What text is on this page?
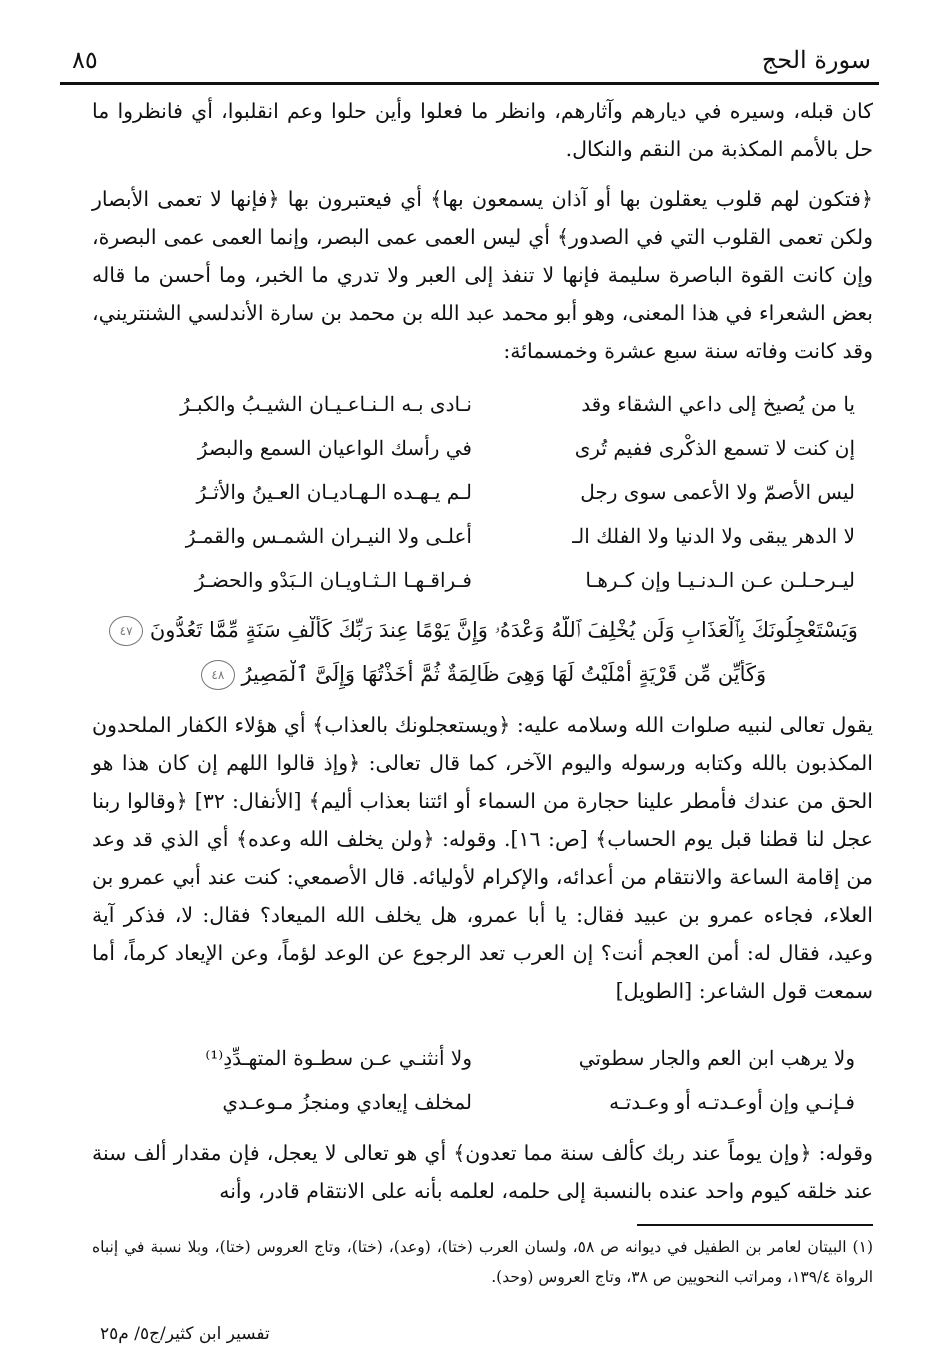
سورة الحج
٨٥

كان قبله، وسيره في ديارهم وآثارهم، وانظر ما فعلوا وأين حلوا وعم انقلبوا، أي فانظروا ما حل بالأمم المكذبة من النقم والنكال.

﴿فتكون لهم قلوب يعقلون بها أو آذان يسمعون بها﴾ أي فيعتبرون بها ﴿فإنها لا تعمى الأبصار ولكن تعمى القلوب التي في الصدور﴾ أي ليس العمى عمى البصر، وإنما العمى عمى البصرة، وإن كانت القوة الباصرة سليمة فإنها لا تنفذ إلى العبر ولا تدري ما الخبر، وما أحسن ما قاله بعض الشعراء في هذا المعنى، وهو أبو محمد عبد الله بن محمد بن سارة الأندلسي الشنتريني، وقد كانت وفاته سنة سبع عشرة وخمسمائة:

يا من يُصيخ إلى داعي الشقاء وقد
نـادى بـه الـنـاعـيـان الشيـبُ والكبـرُ
إن كنت لا تسمع الذكْرى ففيم تُرى
في رأسك الواعيان السمع والبصرُ
ليس الأصمّ ولا الأعمى سوى رجل
لـم يـهـده الـهـاديـان العـينُ والأثـرُ
لا الدهر يبقى ولا الدنيا ولا الفلك الـ
أعلـى ولا النيـران الشمـس والقمـرُ
ليـرحـلـن عـن الـدنـيـا وإن كـرهـا
فـراقـهـا الـثـاويـان الـبَدْو والحضـرُ
وَيَسْتَعْجِلُونَكَ بِٱلْعَذَابِ وَلَن يُخْلِفَ ٱللَّهُ وَعْدَهُۥ وَإِنَّ يَوْمًا عِندَ رَبِّكَ كَأَلْفِ سَنَةٍ مِّمَّا تَعُدُّونَ ٤٧
وَكَأَيِّن مِّن قَرْيَةٍ أَمْلَيْتُ لَهَا وَهِىَ ظَالِمَةٌ ثُمَّ أَخَذْتُهَا وَإِلَىَّ ٱلْمَصِيرُ ٤٨

يقول تعالى لنبيه صلوات الله وسلامه عليه: ﴿ويستعجلونك بالعذاب﴾ أي هؤلاء الكفار الملحدون المكذبون بالله وكتابه ورسوله واليوم الآخر، كما قال تعالى: ﴿وإذ قالوا اللهم إن كان هذا هو الحق من عندك فأمطر علينا حجارة من السماء أو ائتنا بعذاب أليم﴾ [الأنفال: ٣٢] ﴿وقالوا ربنا عجل لنا قطنا قبل يوم الحساب﴾ [ص: ١٦]. وقوله: ﴿ولن يخلف الله وعده﴾ أي الذي قد وعد من إقامة الساعة والانتقام من أعدائه، والإكرام لأوليائه. قال الأصمعي: كنت عند أبي عمرو بن العلاء، فجاءه عمرو بن عبيد فقال: يا أبا عمرو، هل يخلف الله الميعاد؟ فقال: لا، فذكر آية وعيد، فقال له: أمن العجم أنت؟ إن العرب تعد الرجوع عن الوعد لؤماً، وعن الإيعاد كرماً، أما سمعت قول الشاعر: [الطويل]

ولا يرهب ابن العم والجار سطوتي
ولا أنثنـي عـن سطـوة المتهـدِّدِ⁽¹⁾
فـإنـي وإن أوعـدتـه أو وعـدتـه
لمخلف إيعادي ومنجزُ مـوعـدي

وقوله: ﴿وإن يوماً عند ربك كألف سنة مما تعدون﴾ أي هو تعالى لا يعجل، فإن مقدار ألف سنة عند خلقه كيوم واحد عنده بالنسبة إلى حلمه، لعلمه بأنه على الانتقام قادر، وأنه

(١) البيتان لعامر بن الطفيل في ديوانه ص ٥٨، ولسان العرب (ختا)، (وعد)، (ختا)، وتاج العروس (ختا)، وبلا نسبة في إنباه الرواة ١٣٩/٤، ومراتب النحويين ص ٣٨، وتاج العروس (وحد).
تفسير ابن كثير/ج٥/ م٢٥
